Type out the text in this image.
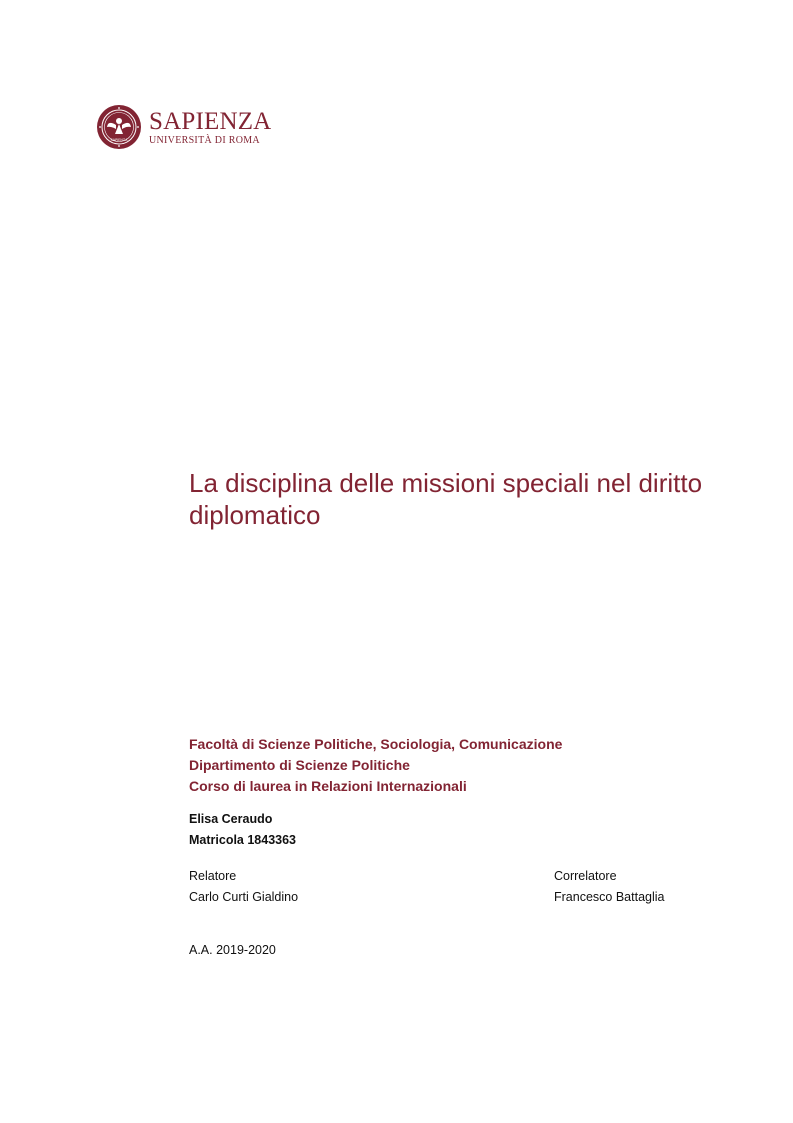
SAPIENZA
SAPIENZA
UNIVERSITÀ DI ROMA
La disciplina delle missioni speciali nel diritto diplomatico
Facoltà di Scienze Politiche, Sociologia, Comunicazione
Dipartimento di Scienze Politiche
Corso di laurea in Relazioni Internazionali
Elisa Ceraudo
Matricola 1843363
Relatore
Carlo Curti Gialdino
Correlatore
Francesco Battaglia
A.A. 2019-2020
